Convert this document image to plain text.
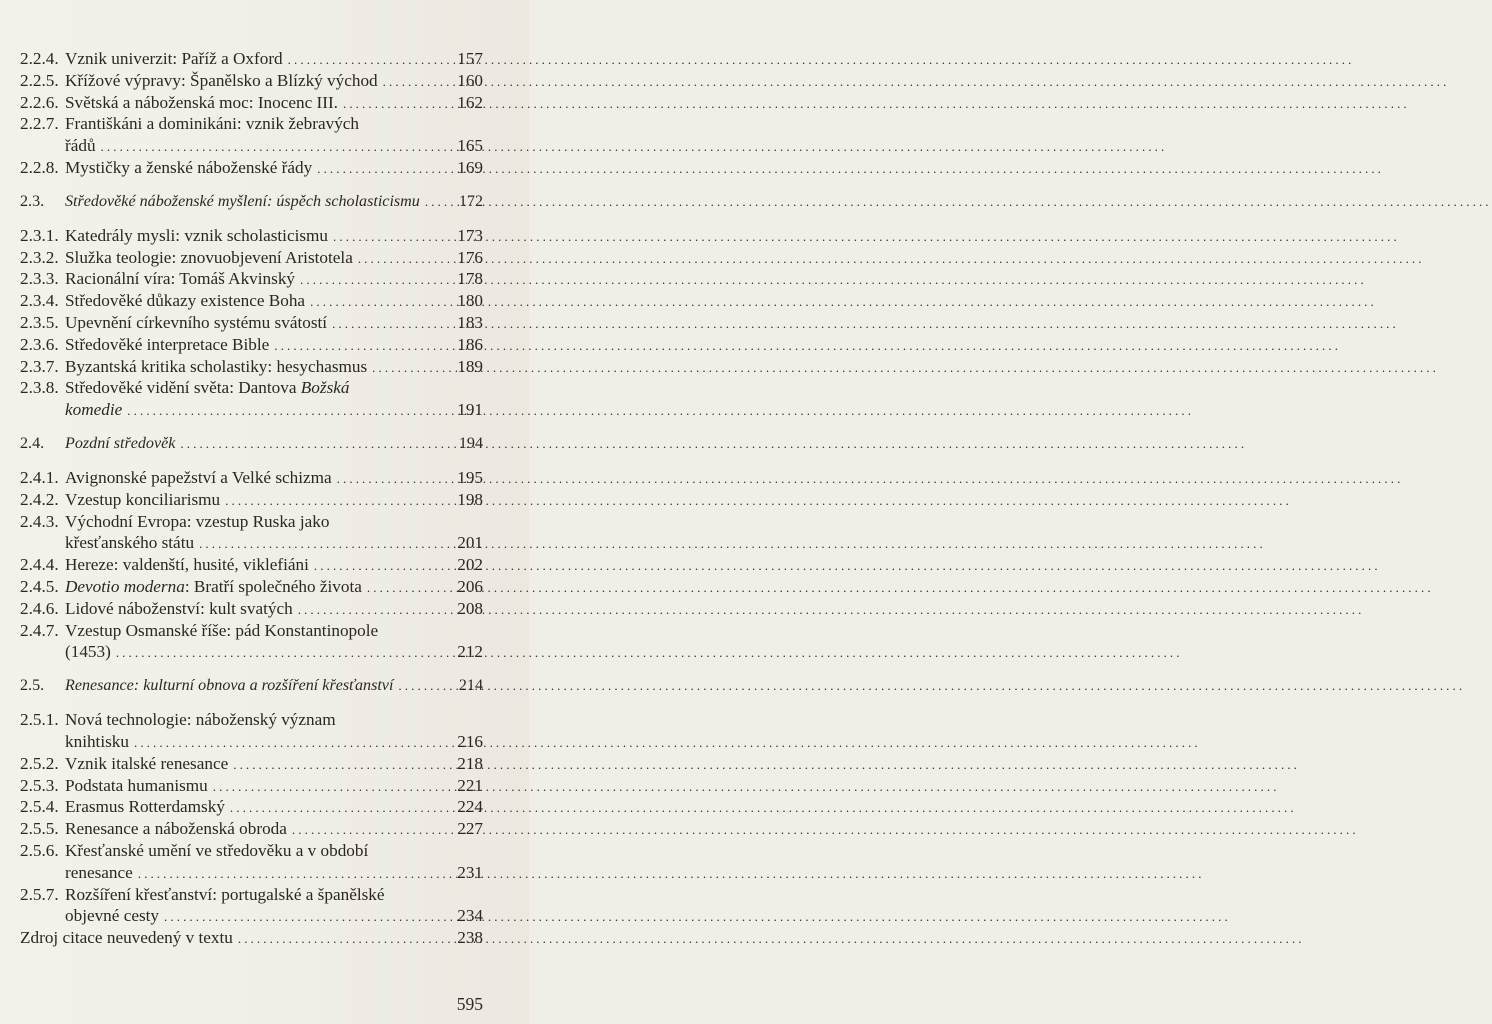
2.2.4. Vznik univerzit: Paříž a Oxford .....	157
2.2.5. Křížové výpravy: Španělsko a Blízký východ .....	160
2.2.6. Světská a náboženská moc: Inocenc III. .....	162
2.2.7. Františkáni a dominikáni: vznik žebravých
řádů .....	165
2.2.8. Mystičky a ženské náboženské řády .....	169
2.3.	Středověké náboženské myšlení: úspěch scholasticismu ..... 172
2.3.1. Katedrály mysli: vznik scholasticismu .....	173
2.3.2. Služka teologie: znovuobjevení Aristotela .....	176
2.3.3. Racionální víra: Tomáš Akvinský .....	178
2.3.4. Středověké důkazy existence Boha .....	180
2.3.5. Upevnění církevního systému svátostí .....	183
2.3.6. Středověké interpretace Bible .....	186
2.3.7. Byzantská kritika scholastiky: hesychasmus .....	189
2.3.8. Středověké vidění světa: Dantova Božská
komedie .....	191
2.4.	Pozdní středověk .....	194
2.4.1. Avignonské papežství a Velké schizma .....	195
2.4.2. Vzestup konciliarismu .....	198
2.4.3. Východní Evropa: vzestup Ruska jako
křesťanského státu .....	201
2.4.4. Hereze: valdenští, husité, viklefiáni .....	202
2.4.5. Devotio moderna: Bratří společného života .....	206
2.4.6. Lidové náboženství: kult svatých .....	208
2.4.7. Vzestup Osmanské říše: pád Konstantinopole
(1453) .....	212
2.5.	Renesance: kulturní obnova a rozšíření křesťanství .....	214
2.5.1. Nová technologie: náboženský význam
knihtisku .....	216
2.5.2. Vznik italské renesance .....	218
2.5.3. Podstata humanismu .....	221
2.5.4. Erasmus Rotterdamský .....	224
2.5.5. Renesance a náboženská obroda .....	227
2.5.6. Křesťanské umění ve středověku a v období
renesance .....	231
2.5.7. Rozšíření křesťanství: portugalské a španělské
objevné cesty .....	234
Zdroj citace neuvedený v textu .....	238
595
